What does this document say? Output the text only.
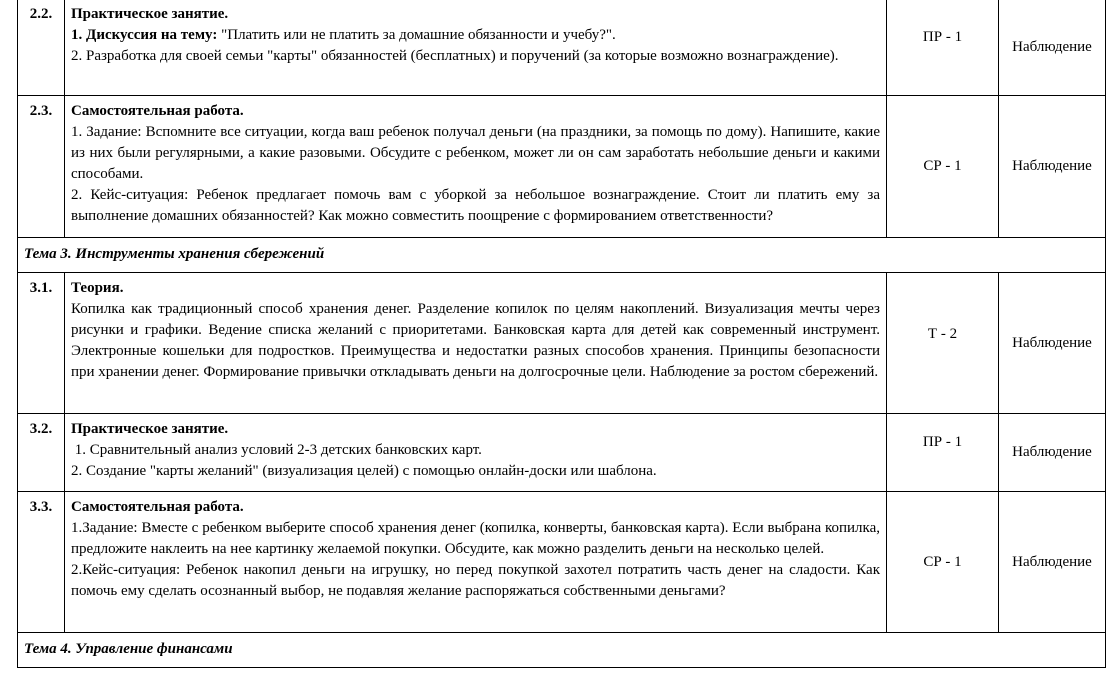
2.2.	Практическое занятие.
1. Дискуссия на тему: "Платить или не платить за домашние обязанности и учебу?".
2. Разработка для своей семьи "карты" обязанностей (бесплатных) и поручений (за которые возможно вознаграждение).	ПР - 1	Наблюдение
2.3.	Самостоятельная работа.
1. Задание: Вспомните все ситуации, когда ваш ребенок получал деньги (на праздники, за помощь по дому). Напишите, какие из них были регулярными, а какие разовыми. Обсудите с ребенком, может ли он сам заработать небольшие деньги и какими способами.
2. Кейс-ситуация: Ребенок предлагает помочь вам с уборкой за небольшое вознаграждение. Стоит ли платить ему за выполнение домашних обязанностей? Как можно совместить поощрение с формированием ответственности?	СР - 1	Наблюдение
Тема 3. Инструменты хранения сбережений			
3.1.	Теория.
Копилка как традиционный способ хранения денег. Разделение копилок по целям накоплений. Визуализация мечты через рисунки и графики. Ведение списка желаний с приоритетами. Банковская карта для детей как современный инструмент. Электронные кошельки для подростков. Преимущества и недостатки разных способов хранения. Принципы безопасности при хранении денег. Формирование привычки откладывать деньги на долгосрочные цели. Наблюдение за ростом сбережений.	Т - 2	Наблюдение
3.2.	Практическое занятие.
1. Сравнительный анализ условий 2-3 детских банковских карт.
2. Создание "карты желаний" (визуализация целей) с помощью онлайн-доски или шаблона.	ПР - 1	Наблюдение
3.3.	Самостоятельная работа.
1.Задание: Вместе с ребенком выберите способ хранения денег (копилка, конверты, банковская карта). Если выбрана копилка, предложите наклеить на нее картинку желаемой покупки. Обсудите, как можно разделить деньги на несколько целей.
2.Кейс-ситуация: Ребенок накопил деньги на игрушку, но перед покупкой захотел потратить часть денег на сладости. Как помочь ему сделать осознанный выбор, не подавляя желание распоряжаться собственными деньгами?	СР - 1	Наблюдение
Тема 4. Управление финансами			
